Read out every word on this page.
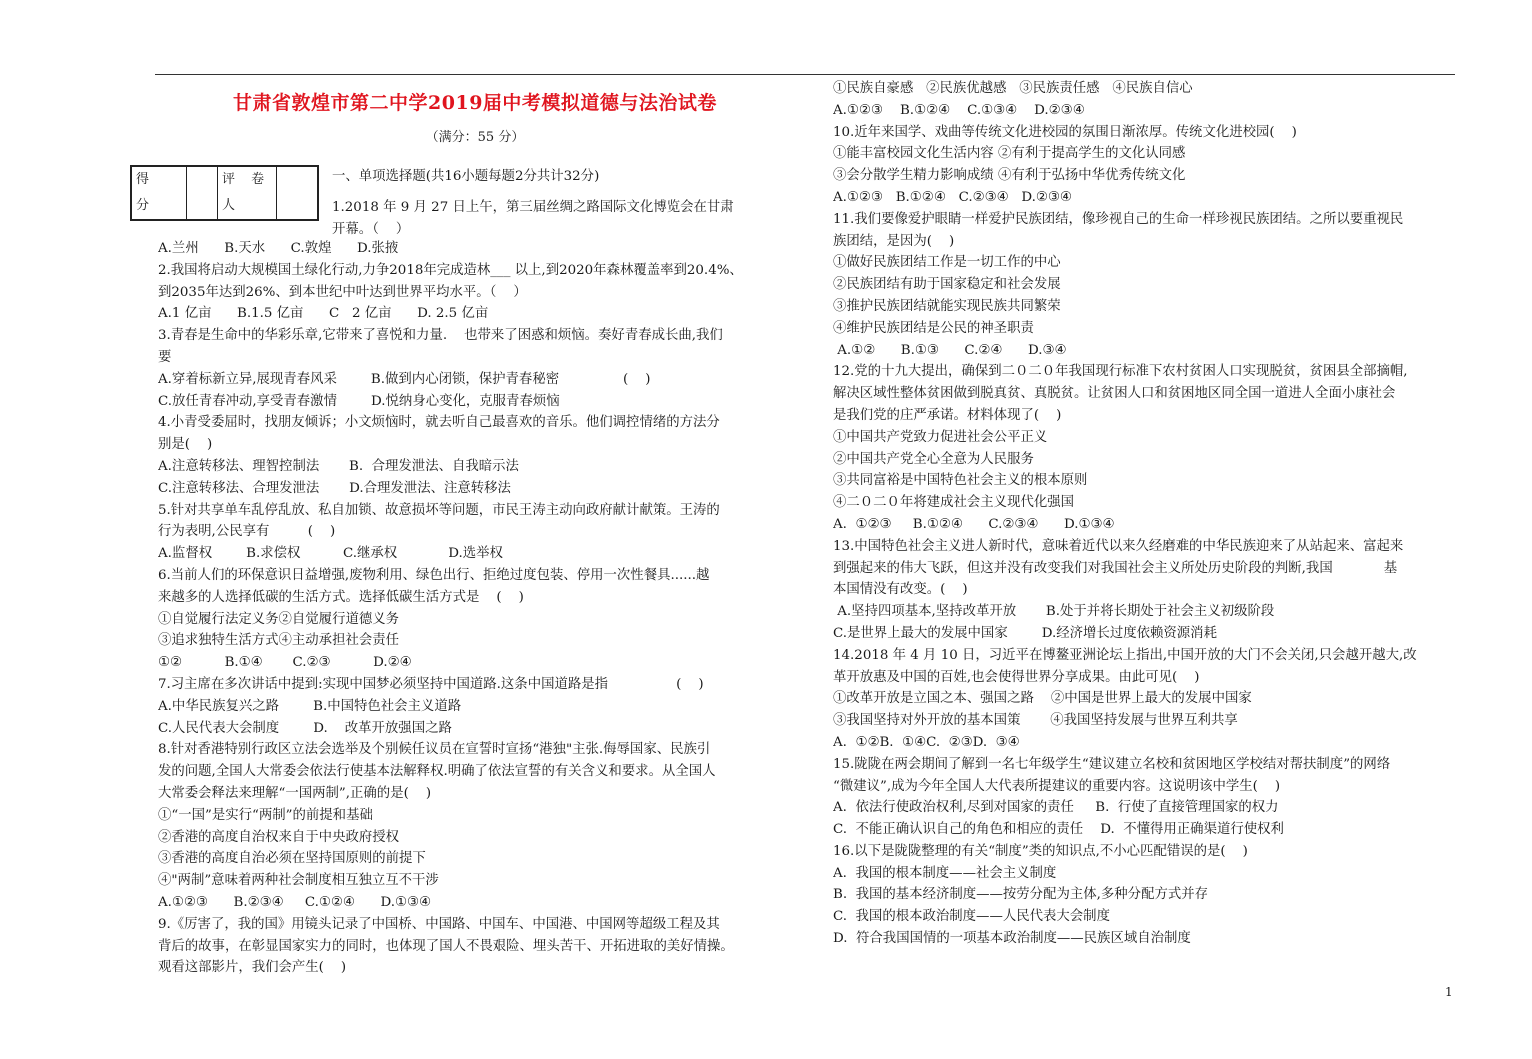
甘肃省敦煌市第二中学2019届中考模拟道德与法治试卷
（满分：55 分）
得
分

评 卷
人

一、单项选择题(共16小题每题2分共计32分)
1.2018 年 9 月 27 日上午，第三届丝绸之路国际文化博览会在甘肃
开幕。（    ）
A.兰州      B.天水      C.敦煌      D.张掖
2.我国将启动大规模国土绿化行动,力争2018年完成造林___ 以上,到2020年森林覆盖率到20.4%、
到2035年达到26%、到本世纪中叶达到世界平均水平。（    ）
A.1 亿亩      B.1.5 亿亩      C   2 亿亩      D. 2.5 亿亩
3.青春是生命中的华彩乐章,它带来了喜悦和力量.    也带来了困惑和烦恼。奏好青春成长曲,我们
要
A.穿着标新立异,展现青春风采        B.做到内心闭锁，保护青春秘密               (    )
C.放任青春冲动,享受青春激情        D.悦纳身心变化，克服青春烦恼
4.小青受委屈时，找朋友倾诉；小文烦恼时，就去听自己最喜欢的音乐。他们调控情绪的方法分
别是(    )
A.注意转移法、理智控制法       B.  合理发泄法、自我暗示法
C.注意转移法、合理发泄法       D.合理发泄法、注意转移法
5.针对共享单车乱停乱放、私自加锁、故意损坏等问题，市民王涛主动向政府献计献策。王涛的
行为表明,公民享有         (    )
A.监督权        B.求偿权          C.继承权            D.选举权
6.当前人们的环保意识日益增强,废物利用、绿色出行、拒绝过度包装、停用一次性餐具......越
来越多的人选择低碳的生活方式。选择低碳生活方式是    (    )
①自觉履行法定义务②自觉履行道德义务
③追求独特生活方式④主动承担社会责任
①②          B.①④       C.②③          D.②④
7.习主席在多次讲话中提到:实现中国梦必须坚持中国道路.这条中国道路是指                (    )
A.中华民族复兴之路        B.中国特色社会主义道路
C.人民代表大会制度        D.    改革开放强国之路
8.针对香港特别行政区立法会选举及个别候任议员在宣誓时宣扬“港独"主张.侮辱国家、民族引
发的问题,全国人大常委会依法行使基本法解释权.明确了依法宣誓的有关含义和要求。从全国人
大常委会释法来理解“一国两制”,正确的是(    )
①“一国”是实行“两制”的前提和基础
②香港的高度自治权来自于中央政府授权
③香港的高度自治必须在坚持国原则的前提下
④"两制”意味着两种社会制度相互独立互不干涉
A.①②③      B.②③④     C.①②④      D.①③④
9.《厉害了，我的国》用镜头记录了中国桥、中国路、中国车、中国港、中国网等超级工程及其
背后的故事，在彰显国家实力的同时，也体现了国人不畏艰险、埋头苦干、开拓进取的美好情操。
观看这部影片，我们会产生(    )
①民族自豪感   ②民族优越感   ③民族责任感   ④民族自信心
A.①②③    B.①②④    C.①③④    D.②③④
10.近年来国学、戏曲等传统文化进校园的氛围日渐浓厚。传统文化进校园(    )
①能丰富校园文化生活内容 ②有利于提高学生的文化认同感
③会分散学生精力影响成绩 ④有利于弘扬中华优秀传统文化
A.①②③   B.①②④   C.②③④   D.②③④
11.我们要像爱护眼睛一样爱护民族团结，像珍视自己的生命一样珍视民族团结。之所以要重视民
族团结，是因为(    )
①做好民族团结工作是一切工作的中心
②民族团结有助于国家稳定和社会发展
③推护民族团结就能实现民族共同繁荣
④维护民族团结是公民的神圣职责
A.①②      B.①③      C.②④      D.③④
12.党的十九大提出，确保到二０二０年我国现行标准下农村贫困人口实现脱贫，贫困县全部摘帽,
解决区域性整体贫困做到脱真贫、真脱贫。让贫困人口和贫困地区同全国一道进人全面小康社会
是我们党的庄严承诺。材料体现了(    )
①中国共产党致力促进社会公平正义
②中国共产党全心全意为人民服务
③共同富裕是中国特色社会主义的根本原则
④二０二０年将建成社会主义现代化强国
A.  ①②③     B.①②④      C.②③④      D.①③④
13.中国特色社会主义进人新时代，意味着近代以来久经磨难的中华民族迎来了从站起来、富起来
到强起来的伟大飞跃，但这并没有改变我们对我国社会主义所处历史阶段的判断,我国            基
本国情没有改变。(    )
A.坚持四项基本,坚持改革开放       B.处于并将长期处于社会主义初级阶段
C.是世界上最大的发展中国家        D.经济增长过度依赖资源消耗
14.2018 年 4 月 10 日，习近平在博鳌亚洲论坛上指出,中国开放的大门不会关闭,只会越开越大,改
革开放惠及中国的百姓,也会使得世界分享成果。由此可见(    )
①改革开放是立国之本、强国之路    ②中国是世界上最大的发展中国家
③我国坚持对外开放的基本国策       ④我国坚持发展与世界互利共享
A.  ①②B.  ①④C.  ②③D.  ③④
15.陇陇在两会期间了解到一名七年级学生“建议建立名校和贫困地区学校结对帮扶制度”的网络
“微建议”,成为今年全国人大代表所提建议的重要内容。这说明该中学生(    )
A.  依法行使政治权利,尽到对国家的责任     B.  行使了直接管理国家的权力
C.  不能正确认识自己的角色和相应的责任    D.  不懂得用正确渠道行使权利
16.以下是陇陇整理的有关“制度”类的知识点,不小心匹配错误的是(    )
A.  我国的根本制度——社会主义制度
B.  我国的基本经济制度——按劳分配为主体,多种分配方式并存
C.  我国的根本政治制度——人民代表大会制度
D.  符合我国国情的一项基本政治制度——民族区域自治制度
1
